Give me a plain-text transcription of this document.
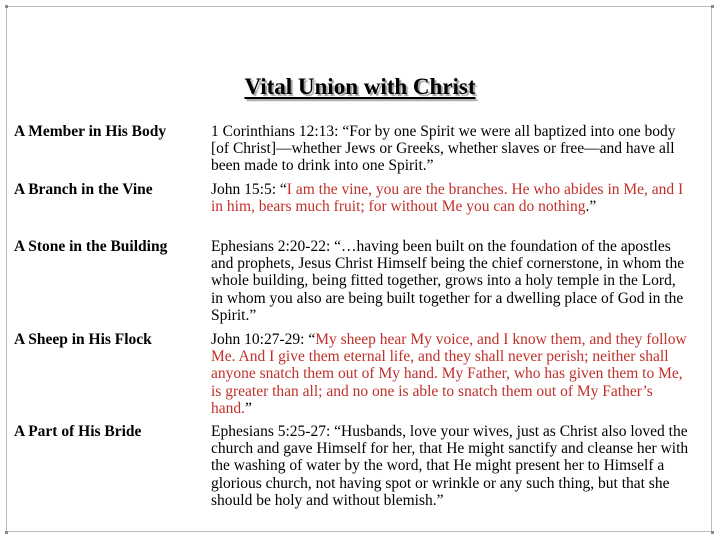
Vital Union with Christ
A Member in His Body	1 Corinthians 12:13: “For by one Spirit we were all baptized into one body [of Christ]—whether Jews or Greeks, whether slaves or free—and have all been made to drink into one Spirit.”
A Branch in the Vine	John 15:5: “I am the vine, you are the branches. He who abides in Me, and I in him, bears much fruit; for without Me you can do nothing.”
A Stone in the Building	Ephesians 2:20-22: “…having been built on the foundation of the apostles and prophets, Jesus Christ Himself being the chief cornerstone, in whom the whole building, being fitted together, grows into a holy temple in the Lord, in whom you also are being built together for a dwelling place of God in the Spirit.”
A Sheep in His Flock	John 10:27-29: “My sheep hear My voice, and I know them, and they follow Me. And I give them eternal life, and they shall never perish; neither shall anyone snatch them out of My hand. My Father, who has given them to Me, is greater than all; and no one is able to snatch them out of My Father’s hand.”
A Part of His Bride	Ephesians 5:25-27: “Husbands, love your wives, just as Christ also loved the church and gave Himself for her, that He might sanctify and cleanse her with the washing of water by the word, that He might present her to Himself a glorious church, not having spot or wrinkle or any such thing, but that she should be holy and without blemish.”
